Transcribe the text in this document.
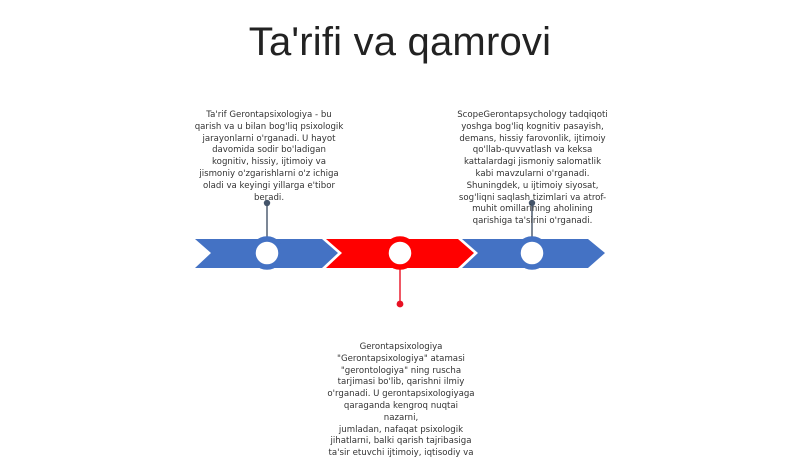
Ta'rifi va qamrovi
Ta'rif Gerontapsixologiya - bu
qarish va u bilan bog'liq psixologik
jarayonlarni o'rganadi. U hayot
davomida sodir bo'ladigan
kognitiv, hissiy, ijtimoiy va
jismoniy o'zgarishlarni o'z ichiga
oladi va keyingi yillarga e'tibor
beradi.
ScopeGerontapsychology tadqiqoti
yoshga bog'liq kognitiv pasayish,
demans, hissiy farovonlik, ijtimoiy
qo'llab-quvvatlash va keksa
kattalardagi jismoniy salomatlik
kabi mavzularni o'rganadi.
Shuningdek, u ijtimoiy siyosat,
sog'liqni saqlash tizimlari va atrof-
muhit omillarining aholining
qarishiga ta'sirini o'rganadi.
Gerontapsixologiya
"Gerontapsixologiya" atamasi
"gerontologiya" ning ruscha
tarjimasi bo'lib, qarishni ilmiy
o'rganadi. U gerontapsixologiyaga
qaraganda kengroq nuqtai nazarni,
jumladan, nafaqat psixologik
jihatlarni, balki qarish tajribasiga
ta'sir etuvchi ijtimoiy, iqtisodiy va
